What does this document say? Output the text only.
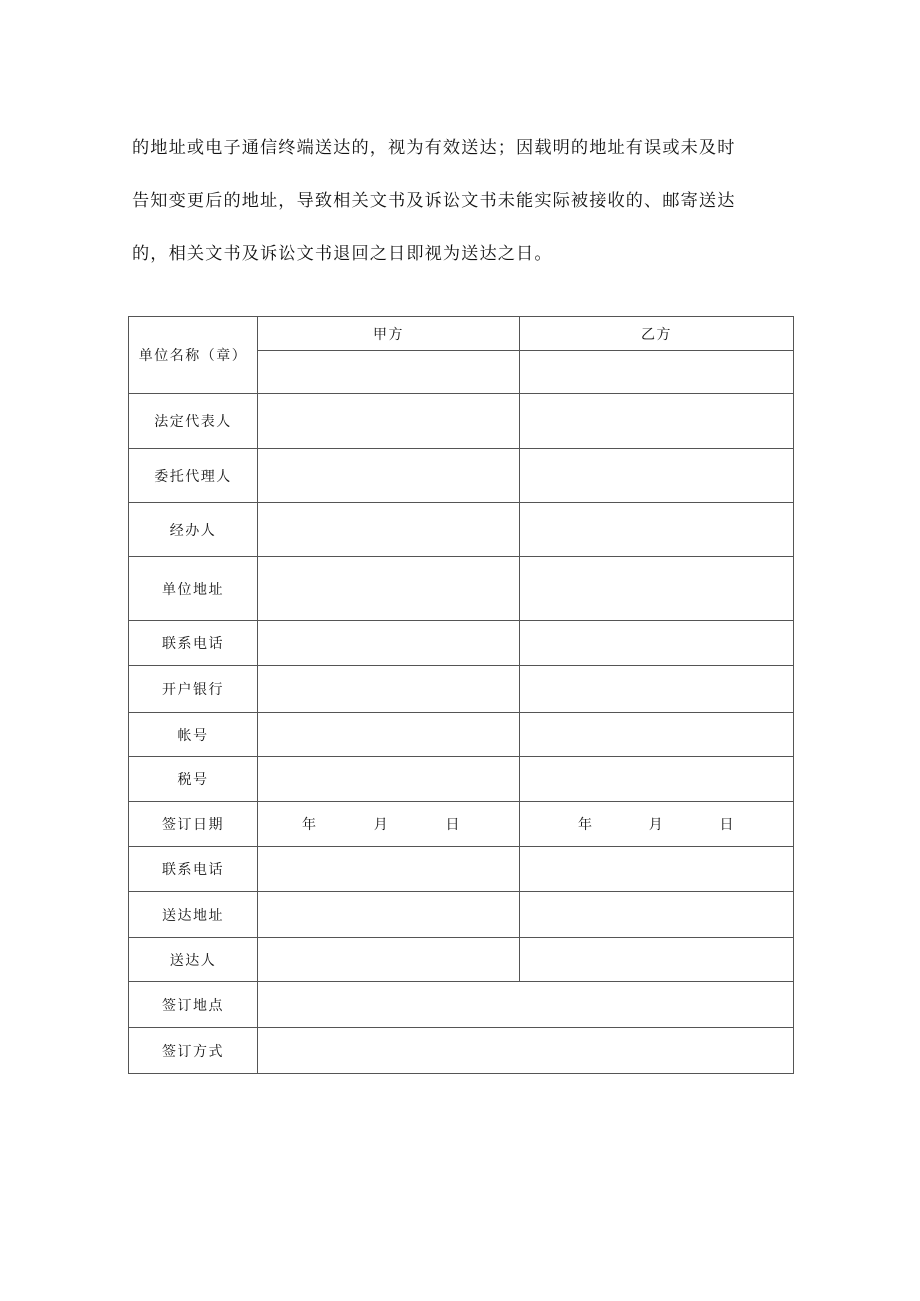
的地址或电子通信终端送达的，视为有效送达；因载明的地址有误或未及时
告知变更后的地址，导致相关文书及诉讼文书未能实际被接收的、邮寄送达
的，相关文书及诉讼文书退回之日即视为送达之日。
单位名称（章）	甲方	乙方

法定代表人		
委托代理人		
经办人		
单位地址		
联系电话		
开户银行		
帐号		
税号		
签订日期	年 月 日	年 月 日

联系电话		
送达地址		
送达人		
签订地点		
签订方式		
